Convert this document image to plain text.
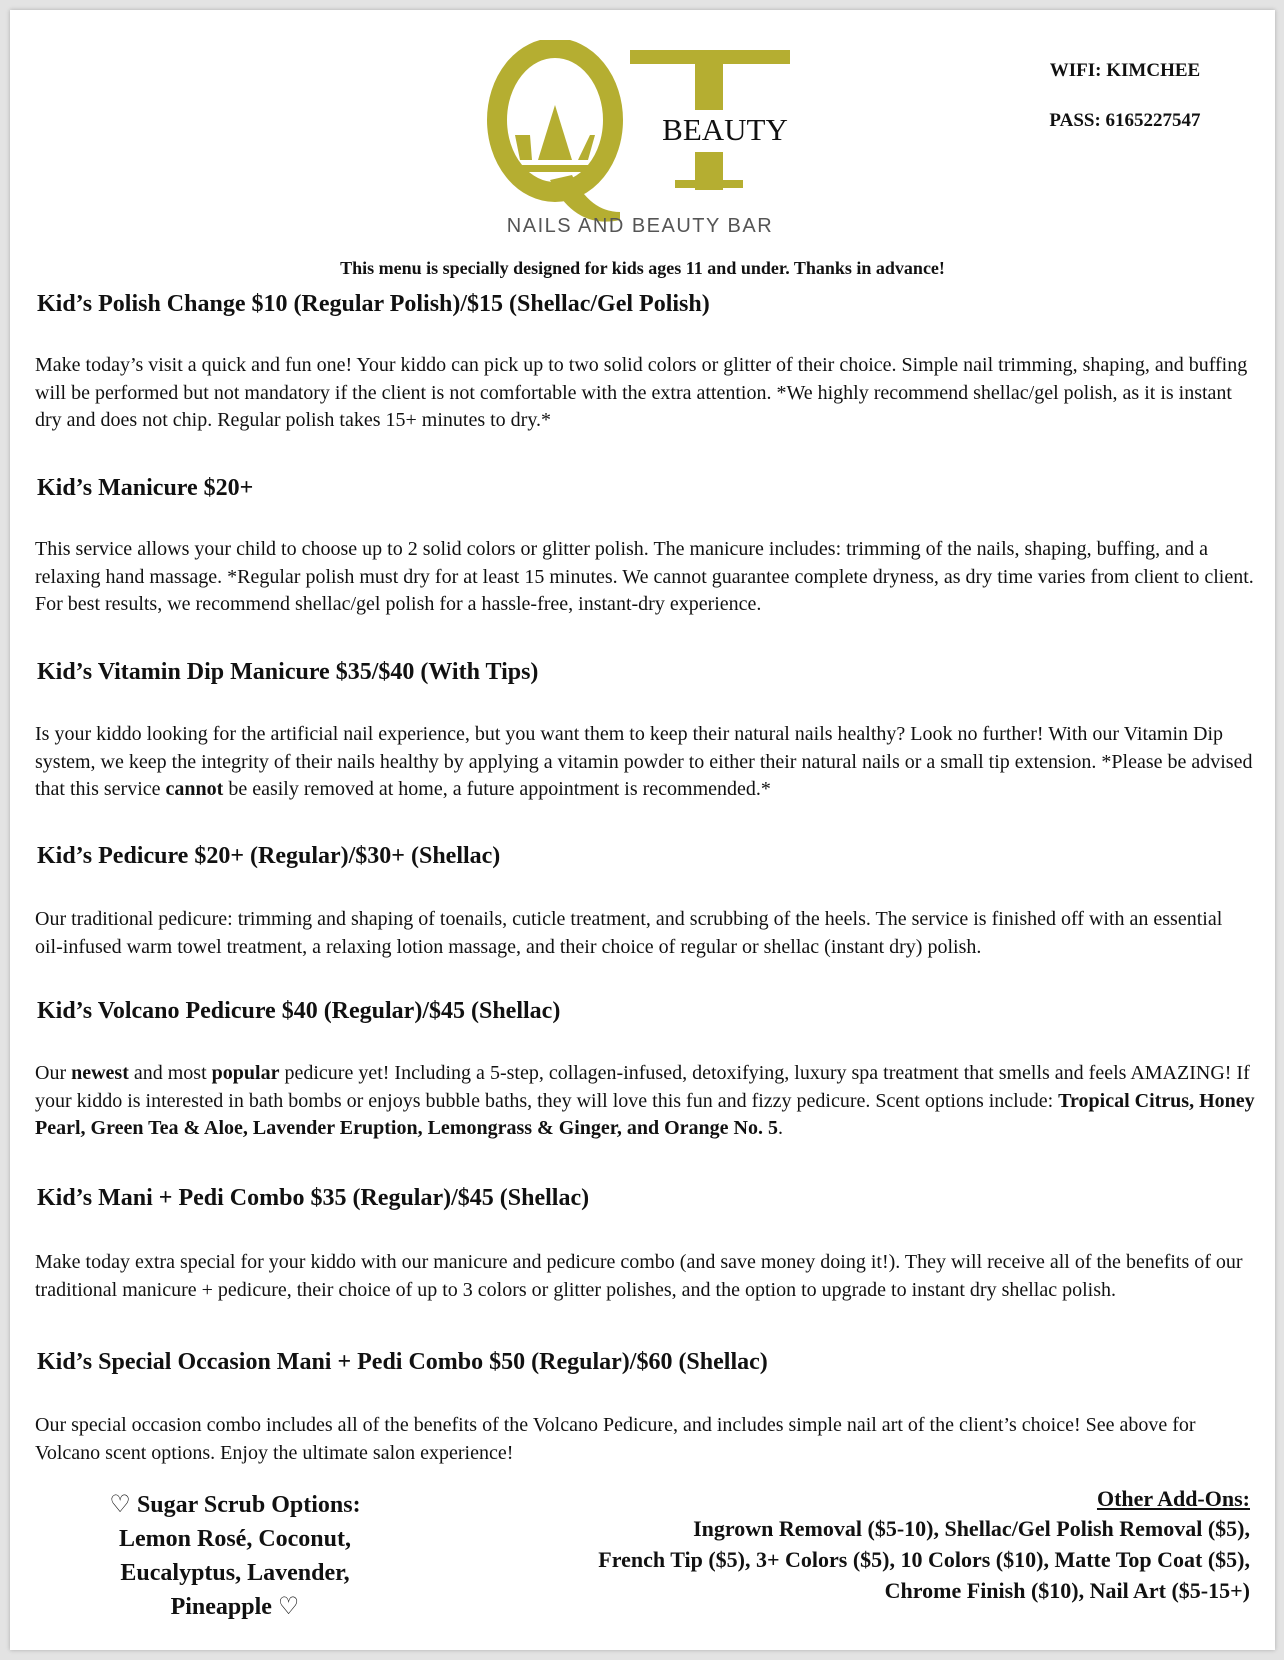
BEAUTY
NAILS AND BEAUTY BAR
WIFI: KIMCHEE
PASS: 6165227547
This menu is specially designed for kids ages 11 and under. Thanks in advance!
Kid’s Polish Change $10 (Regular Polish)/$15 (Shellac/Gel Polish)
Make today’s visit a quick and fun one! Your kiddo can pick up to two solid colors or glitter of their choice. Simple nail trimming, shaping, and buffing will be performed but not mandatory if the client is not comfortable with the extra attention. *We highly recommend shellac/gel polish, as it is instant dry and does not chip. Regular polish takes 15+ minutes to dry.*
Kid’s Manicure $20+
This service allows your child to choose up to 2 solid colors or glitter polish. The manicure includes: trimming of the nails, shaping, buffing, and a relaxing hand massage. *Regular polish must dry for at least 15 minutes. We cannot guarantee complete dryness, as dry time varies from client to client. For best results, we recommend shellac/gel polish for a hassle-free, instant-dry experience.
Kid’s Vitamin Dip Manicure $35/$40 (With Tips)
Is your kiddo looking for the artificial nail experience, but you want them to keep their natural nails healthy? Look no further! With our Vitamin Dip system, we keep the integrity of their nails healthy by applying a vitamin powder to either their natural nails or a small tip extension. *Please be advised that this service cannot be easily removed at home, a future appointment is recommended.*
Kid’s Pedicure $20+ (Regular)/$30+ (Shellac)
Our traditional pedicure: trimming and shaping of toenails, cuticle treatment, and scrubbing of the heels. The service is finished off with an essential oil-infused warm towel treatment, a relaxing lotion massage, and their choice of regular or shellac (instant dry) polish.
Kid’s Volcano Pedicure $40 (Regular)/$45 (Shellac)
Our newest and most popular pedicure yet! Including a 5-step, collagen-infused, detoxifying, luxury spa treatment that smells and feels AMAZING! If your kiddo is interested in bath bombs or enjoys bubble baths, they will love this fun and fizzy pedicure. Scent options include: Tropical Citrus, Honey Pearl, Green Tea & Aloe, Lavender Eruption, Lemongrass & Ginger, and Orange No. 5.
Kid’s Mani + Pedi Combo $35 (Regular)/$45 (Shellac)
Make today extra special for your kiddo with our manicure and pedicure combo (and save money doing it!). They will receive all of the benefits of our traditional manicure + pedicure, their choice of up to 3 colors or glitter polishes, and the option to upgrade to instant dry shellac polish.
Kid’s Special Occasion Mani + Pedi Combo $50 (Regular)/$60 (Shellac)
Our special occasion combo includes all of the benefits of the Volcano Pedicure, and includes simple nail art of the client’s choice! See above for Volcano scent options. Enjoy the ultimate salon experience!
♡ Sugar Scrub Options:
Lemon Rosé, Coconut,
Eucalyptus, Lavender,
Pineapple ♡
Other Add-Ons:
Ingrown Removal ($5-10), Shellac/Gel Polish Removal ($5),
French Tip ($5), 3+ Colors ($5), 10 Colors ($10), Matte Top Coat ($5),
Chrome Finish ($10), Nail Art ($5-15+)
